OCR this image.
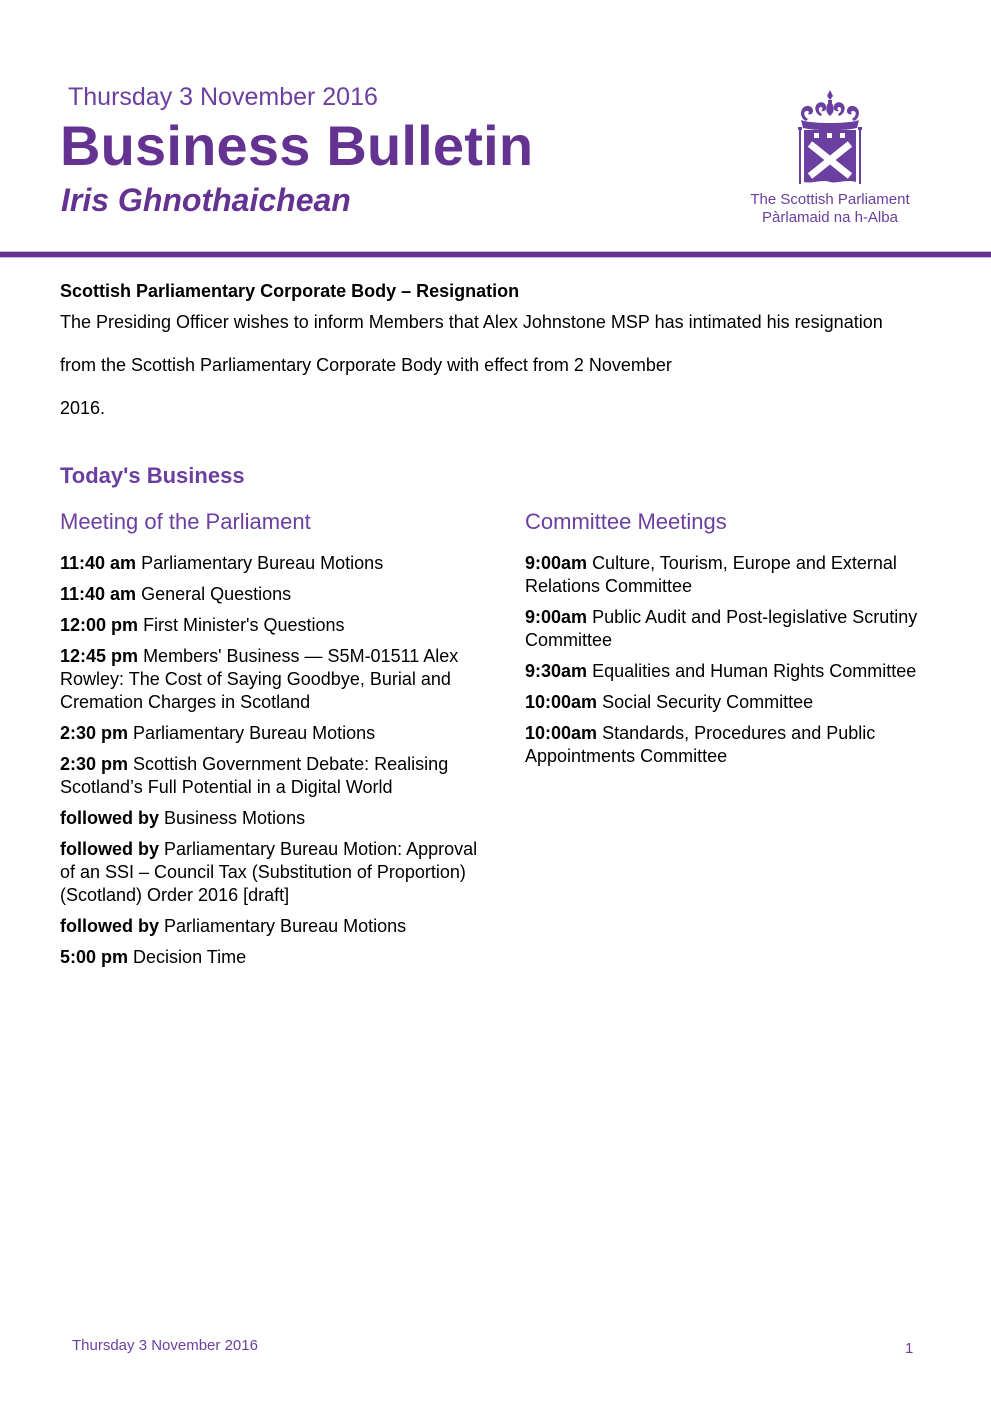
Thursday 3 November 2016
Business Bulletin
Iris Ghnothaichean	The Scottish Parliament
Pàrlamaid na h-Alba
Scottish Parliamentary Corporate Body – Resignation

The Presiding Officer wishes to inform Members that Alex Johnstone MSP has intimated his resignation

from the Scottish Parliamentary Corporate Body with effect from 2 November

2016.

Today's Business
Meeting of the Parliament
11:40 am Parliamentary Bureau Motions
11:40 am General Questions
12:00 pm First Minister's Questions
12:45 pm Members' Business — S5M-01511 Alex Rowley: The Cost of Saying Goodbye, Burial and Cremation Charges in Scotland
2:30 pm Parliamentary Bureau Motions
2:30 pm Scottish Government Debate: Realising Scotland’s Full Potential in a Digital World
followed by Business Motions
followed by Parliamentary Bureau Motion: Approval of an SSI – Council Tax (Substitution of Proportion) (Scotland) Order 2016 [draft]
followed by Parliamentary Bureau Motions
5:00 pm Decision Time
Committee Meetings
9:00am Culture, Tourism, Europe and External Relations Committee
9:00am Public Audit and Post-legislative Scrutiny Committee
9:30am Equalities and Human Rights Committee
10:00am Social Security Committee
10:00am Standards, Procedures and Public Appointments Committee
Thursday 3 November 2016	1
